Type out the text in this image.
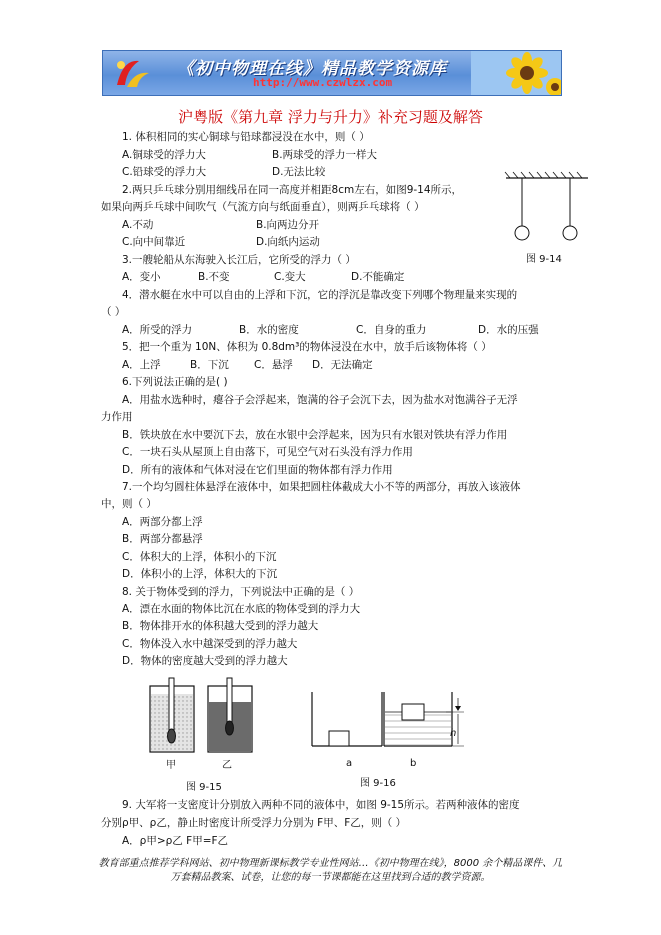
《初中物理在线》精品教学资源库
http://www.czwlzx.com
沪粤版《第九章 浮力与升力》补充习题及解答
1. 体积相同的实心铜球与铅球都浸没在水中，则（ ）
A.铜球受的浮力大	B.两球受的浮力一样大
C.铅球受的浮力大	D.无法比较
2.两只乒乓球分别用细线吊在同一高度并相距8cm左右，如图9-14所示，
如果向两乒乓球中间吹气（气流方向与纸面垂直），则两乒乓球将（ ）
A.不动	B.向两边分开
C.向中间靠近	D.向纸内运动
图 9-14
3.一艘轮船从东海驶入长江后，它所受的浮力（ ）
A．变小	B.不变	C.变大	D.不能确定
4．潜水艇在水中可以自由的上浮和下沉，它的浮沉是靠改变下列哪个物理量来实现的
（ ）
A．所受的浮力	B．水的密度	C．自身的重力	D．水的压强
5．把一个重为 10N、体积为 0.8dm³的物体浸没在水中，放手后该物体将（ ）
A．上浮	B．下沉 C．悬浮 D．无法确定
6.下列说法正确的是( )
A．用盐水选种时，瘪谷子会浮起来，饱满的谷子会沉下去，因为盐水对饱满谷子无浮
力作用
B．铁块放在水中要沉下去，放在水银中会浮起来，因为只有水银对铁块有浮力作用
C．一块石头从屋顶上自由落下，可见空气对石头没有浮力作用
D．所有的液体和气体对浸在它们里面的物体都有浮力作用
7.一个均匀圆柱体悬浮在液体中，如果把圆柱体截成大小不等的两部分，再放入该液体
中，则（ ）
A．两部分都上浮
B．两部分都悬浮
C．体积大的上浮，体积小的下沉
D．体积小的上浮，体积大的下沉
8. 关于物体受到的浮力，下列说法中正确的是（ ）
A．漂在水面的物体比沉在水底的物体受到的浮力大
B．物体排开水的体积越大受到的浮力越大
C．物体没入水中越深受到的浮力越大
D．物体的密度越大受到的浮力越大
甲	乙
图 9-15
h
a	b
图 9-16
9. 大军将一支密度计分别放入两种不同的液体中，如图 9-15所示。若两种液体的密度
分别ρ甲、ρ乙，静止时密度计所受浮力分别为 F甲、F乙，则（ ）
A．ρ甲>ρ乙 F甲=F乙
教育部重点推荐学科网站、初中物理新课标教学专业性网站…《初中物理在线》，8000 余个精品课件、几
万套精品教案、试卷，让您的每一节课都能在这里找到合适的教学资源。
